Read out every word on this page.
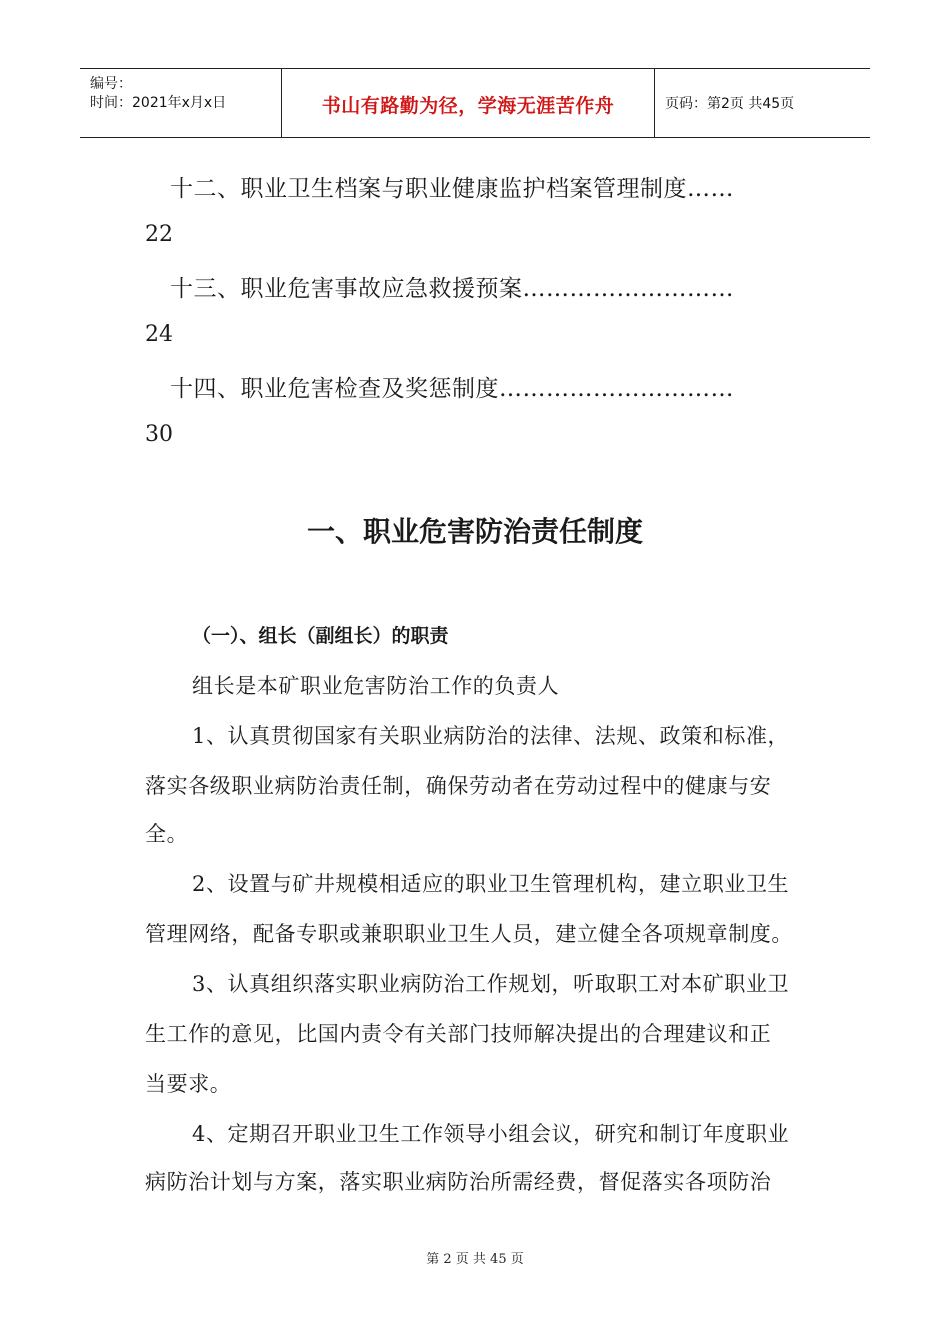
编号：
时间：2021年x月x日	书山有路勤为径，学海无涯苦作舟	页码：第2页 共45页
十二、职业卫生档案与职业健康监护档案管理制度……
22
十三、职业危害事故应急救援预案………………………
24
十四、职业危害检查及奖惩制度…………………………
30
一、职业危害防治责任制度
（一）、组长（副组长）的职责
组长是本矿职业危害防治工作的负责人
1、认真贯彻国家有关职业病防治的法律、法规、政策和标准，
落实各级职业病防治责任制，确保劳动者在劳动过程中的健康与安
全。
2、设置与矿井规模相适应的职业卫生管理机构，建立职业卫生
管理网络，配备专职或兼职职业卫生人员，建立健全各项规章制度。
3、认真组织落实职业病防治工作规划，听取职工对本矿职业卫
生工作的意见，比国内责令有关部门技师解决提出的合理建议和正
当要求。
4、定期召开职业卫生工作领导小组会议，研究和制订年度职业
病防治计划与方案，落实职业病防治所需经费，督促落实各项防治
第 2 页 共 45 页
